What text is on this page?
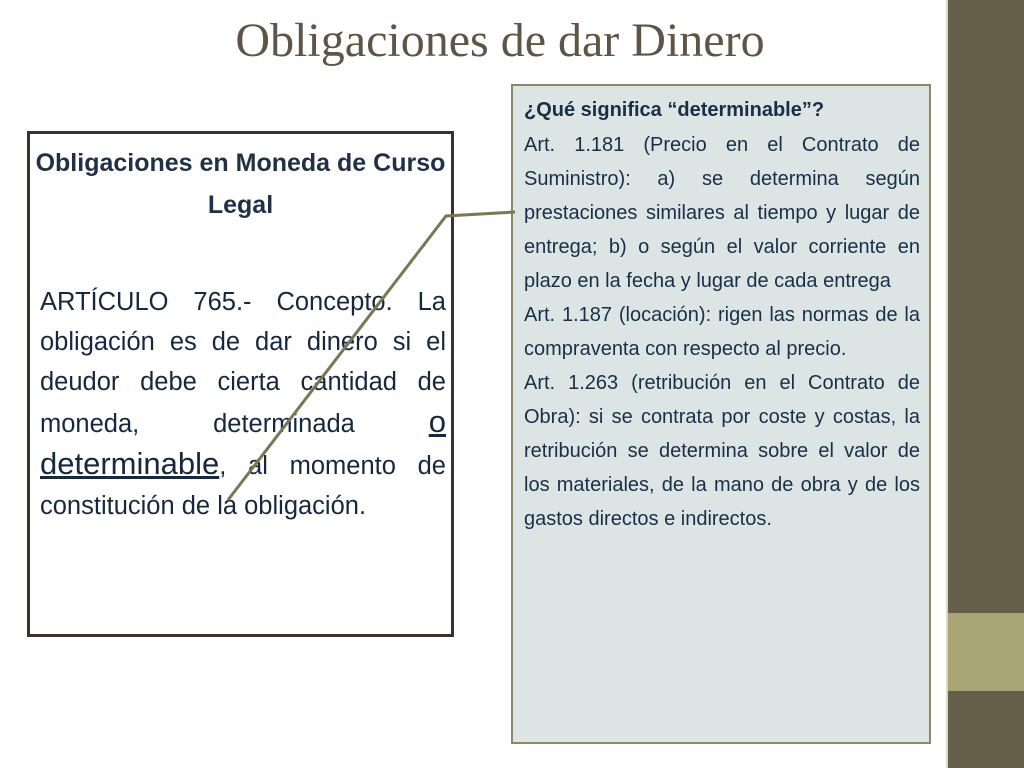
Obligaciones de dar Dinero
Obligaciones en Moneda de Curso Legal
ARTÍCULO 765.- Concepto. La obligación es de dar dinero si el deudor debe cierta cantidad de moneda, determinada o determinable, al momento de constitución de la obligación.
¿Qué significa “determinable”?

Art. 1.181 (Precio en el Contrato de Suministro): a) se determina según prestaciones similares al tiempo y lugar de entrega; b) o según el valor corriente en plazo en la fecha y lugar de cada entrega

Art. 1.187 (locación): rigen las normas de la compraventa con respecto al precio.

Art. 1.263 (retribución en el Contrato de Obra): si se contrata por coste y costas, la retribución se determina sobre el valor de los materiales, de la mano de obra y de los gastos directos e indirectos.
